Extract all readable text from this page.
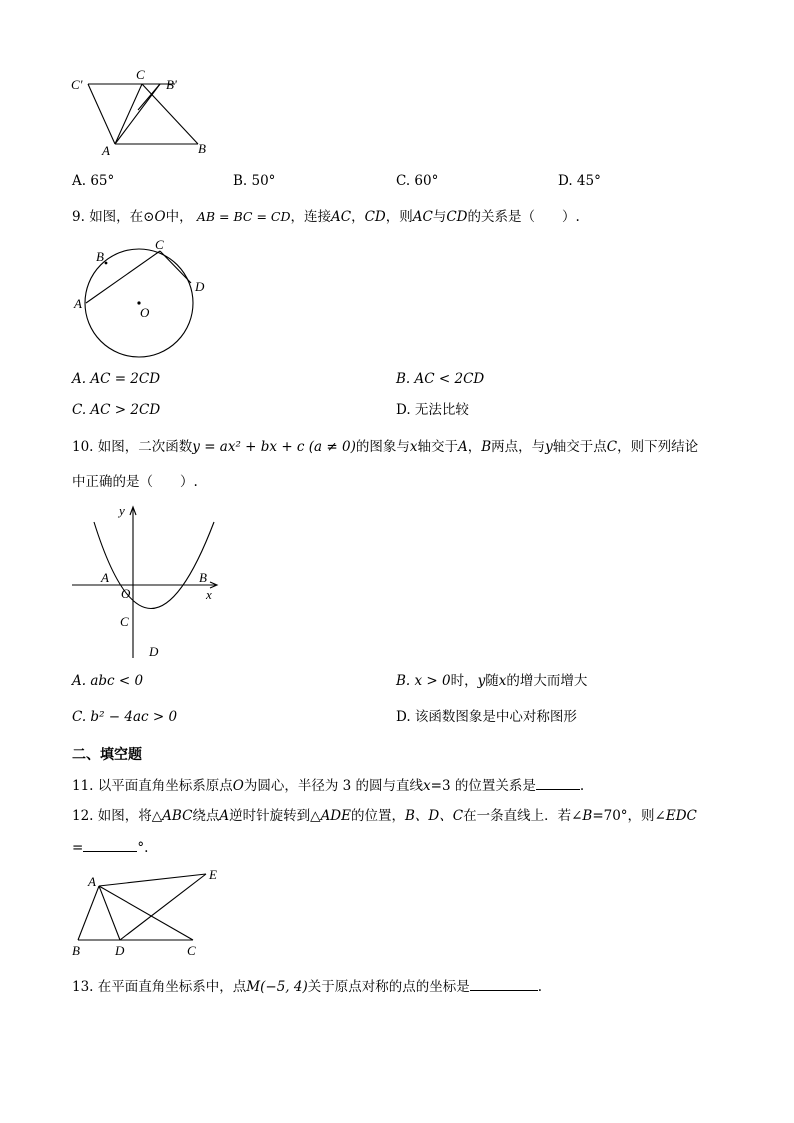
C'
C
B'
A	B
A. 65°	B. 50°	C. 60°	D. 45°
9. 如图，在⊙O中， AB = BC = CD，连接AC，CD，则AC与CD的关系是（　　）.
B
C
D
A
O
A. AC = 2CD	B. AC < 2CD
C. AC > 2CD	D. 无法比较
10. 如图，二次函数y = ax² + bx + c (a ≠ 0)的图象与x轴交于A，B两点，与y轴交于点C，则下列结论
中正确的是（　　）.
y
A	B
O	x
C
D
A. abc < 0	B. x > 0时，y随x的增大而增大
C. b² − 4ac > 0	D. 该函数图象是中心对称图形
二、填空题
11. 以平面直角坐标系原点O为圆心，半径为 3 的圆与直线x=3 的位置关系是	.
12. 如图，将△ABC绕点A逆时针旋转到△ADE的位置，B、D、C在一条直线上．若∠B=70°，则∠EDC
=	°.
A	E
B	D	C
13. 在平面直角坐标系中，点M(−5, 4)关于原点对称的点的坐标是	.
